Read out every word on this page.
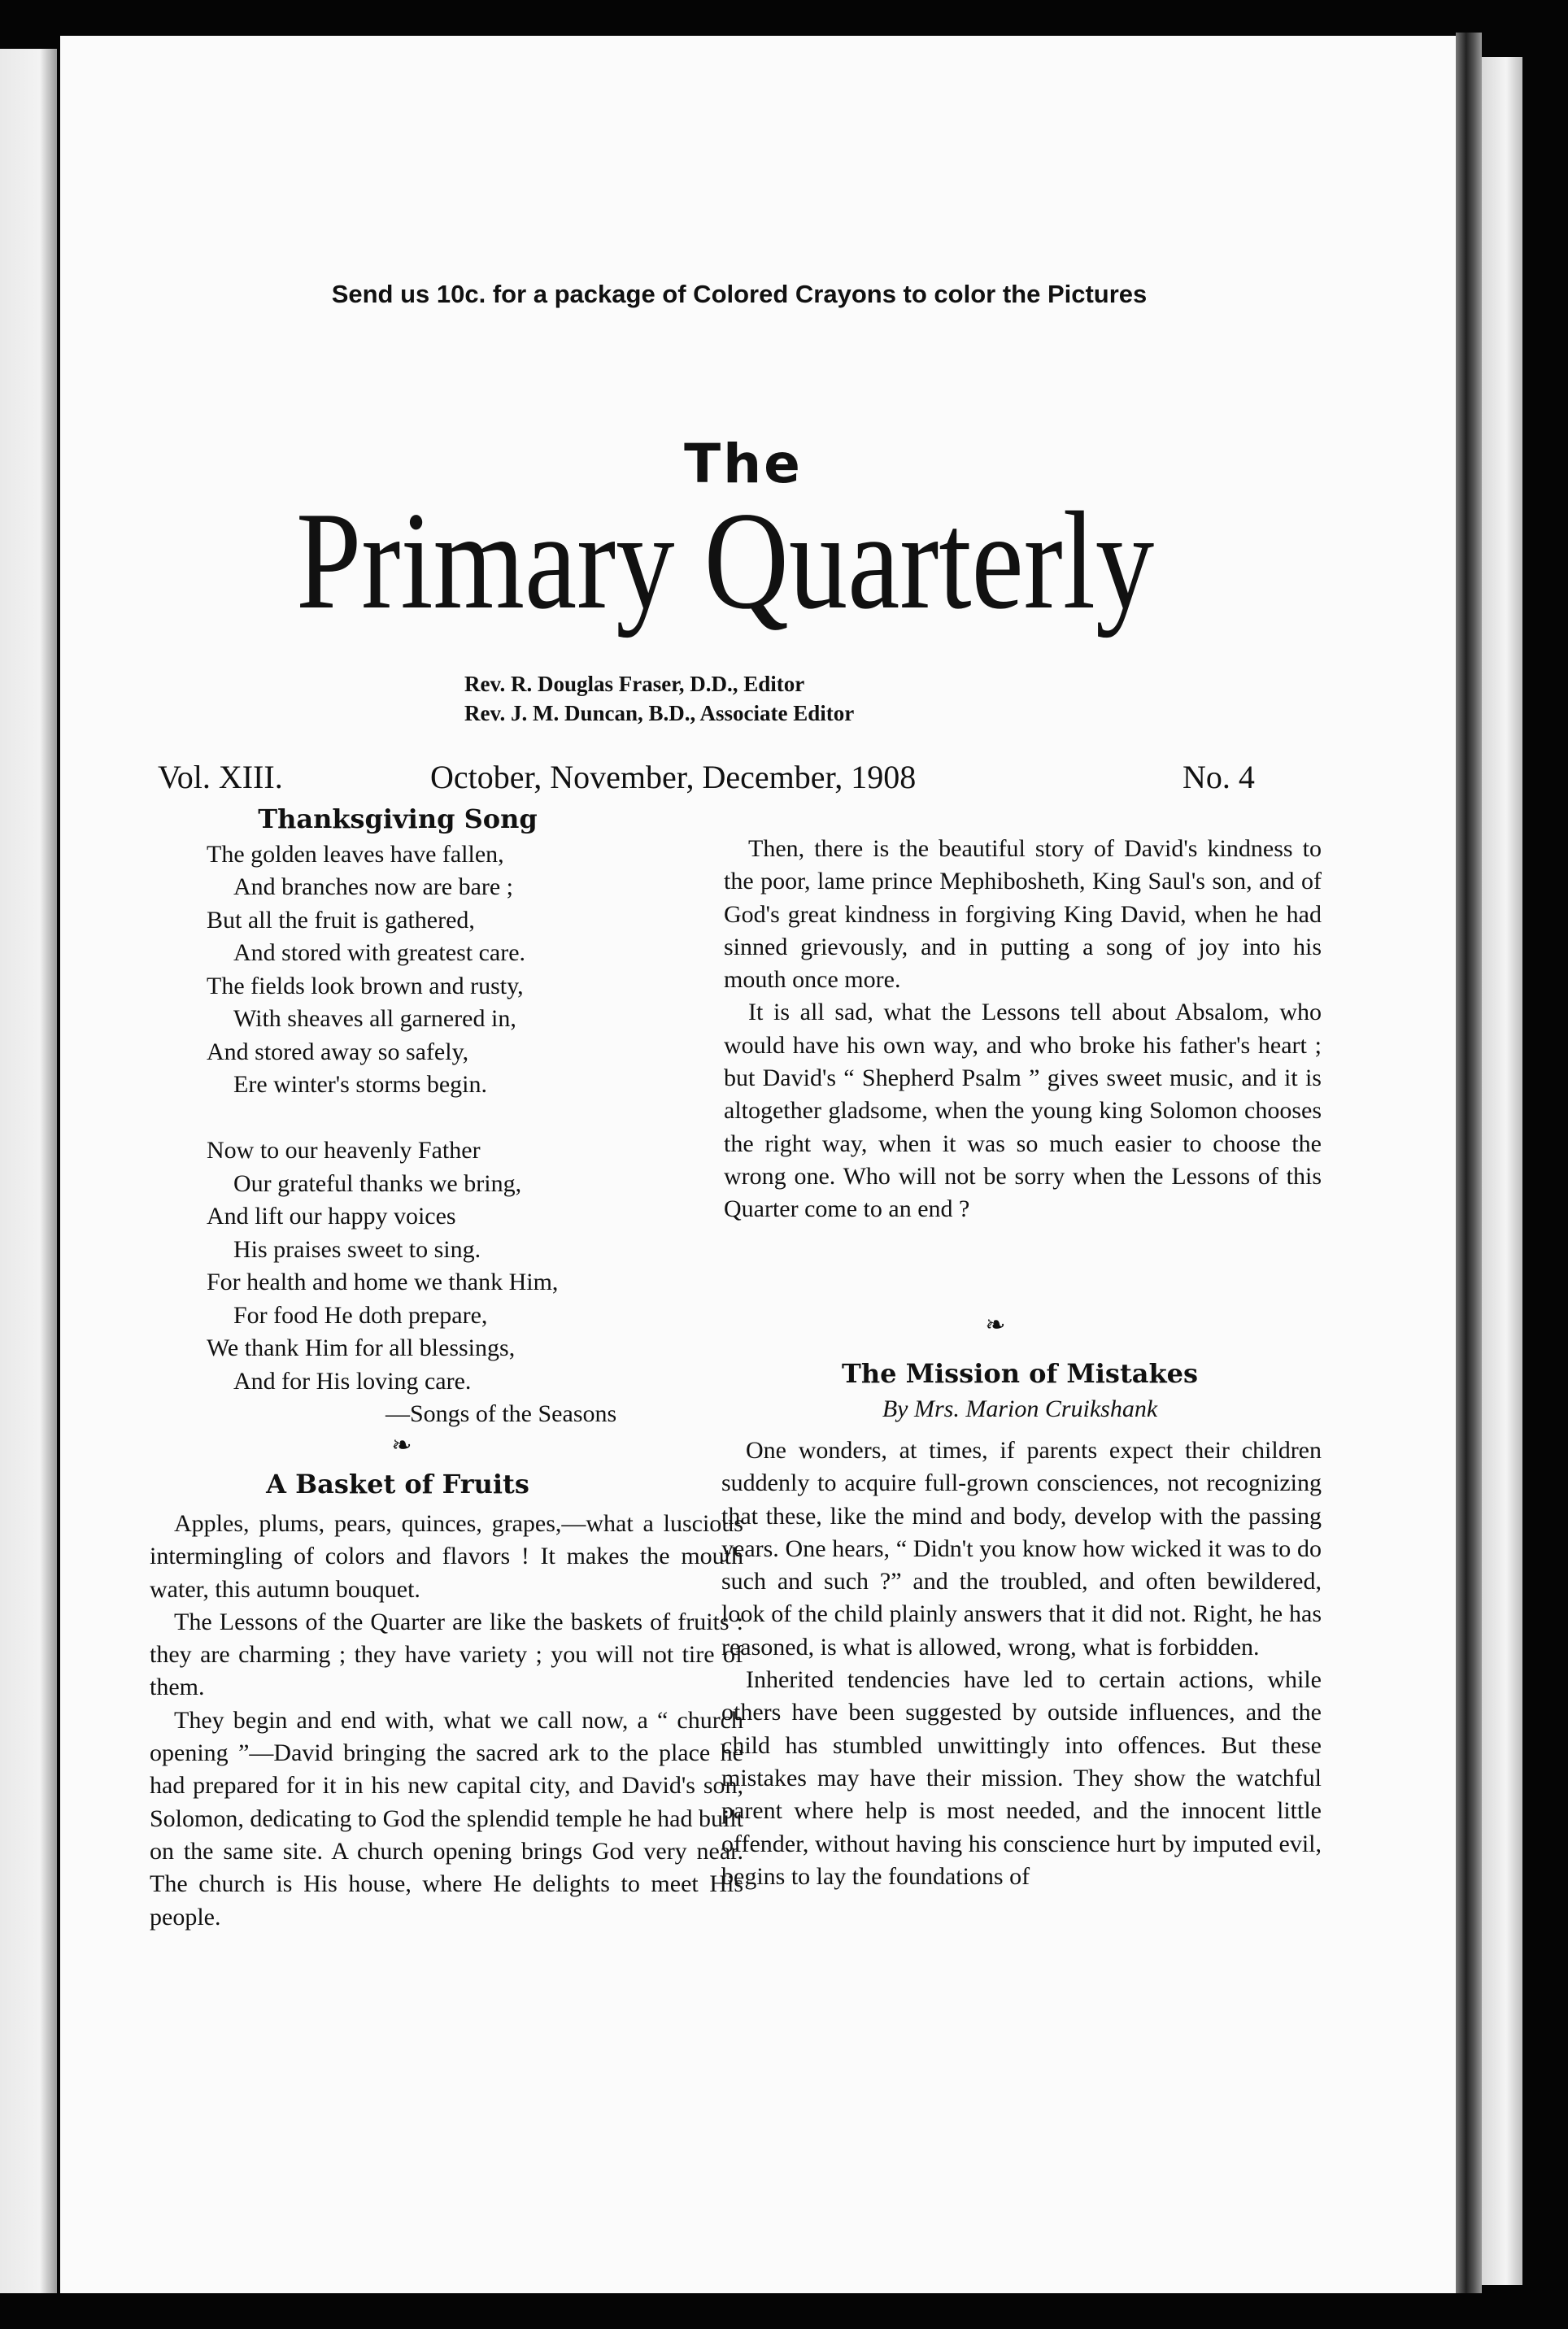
Send us 10c. for a package of Colored Crayons to color the Pictures
The
Primary Quarterly
Rev. R. Douglas Fraser, D.D., Editor
Rev. J. M. Duncan, B.D., Associate Editor
Vol. XIII.	October, November, December, 1908	No. 4
Thanksgiving Song
The golden leaves have fallen,
And branches now are bare ;
But all the fruit is gathered,
And stored with greatest care.
The fields look brown and rusty,
With sheaves all garnered in,
And stored away so safely,
Ere winter's storms begin.
Now to our heavenly Father
Our grateful thanks we bring,
And lift our happy voices
His praises sweet to sing.
For health and home we thank Him,
For food He doth prepare,
We thank Him for all blessings,
And for His loving care.
—Songs of the Seasons
❧
A Basket of Fruits

Apples, plums, pears, quinces, grapes,—what a luscious intermingling of colors and flavors ! It makes the mouth water, this autumn bouquet.

The Lessons of the Quarter are like the baskets of fruits : they are charming ; they have variety ; you will not tire of them.

They begin and end with, what we call now, a “ church opening ”—David bringing the sacred ark to the place he had prepared for it in his new capital city, and David's son, Solomon, dedicating to God the splendid temple he had built on the same site. A church opening brings God very near. The church is His house, where He delights to meet His people.

Then, there is the beautiful story of David's kindness to the poor, lame prince Mephibosheth, King Saul's son, and of God's great kindness in forgiving King David, when he had sinned grievously, and in putting a song of joy into his mouth once more.

It is all sad, what the Lessons tell about Absalom, who would have his own way, and who broke his father's heart ; but David's “ Shepherd Psalm ” gives sweet music, and it is altogether gladsome, when the young king Solomon chooses the right way, when it was so much easier to choose the wrong one. Who will not be sorry when the Lessons of this Quarter come to an end ?

❧
The Mission of Mistakes
By Mrs. Marion Cruikshank

One wonders, at times, if parents expect their children suddenly to acquire full-grown consciences, not recognizing that these, like the mind and body, develop with the passing years. One hears, “ Didn't you know how wicked it was to do such and such ?” and the troubled, and often bewildered, look of the child plainly answers that it did not. Right, he has reasoned, is what is allowed, wrong, what is forbidden.

Inherited tendencies have led to certain actions, while others have been suggested by outside influences, and the child has stumbled unwittingly into offences. But these mistakes may have their mission. They show the watchful parent where help is most needed, and the innocent little offender, without having his conscience hurt by imputed evil, begins to lay the foundations of
